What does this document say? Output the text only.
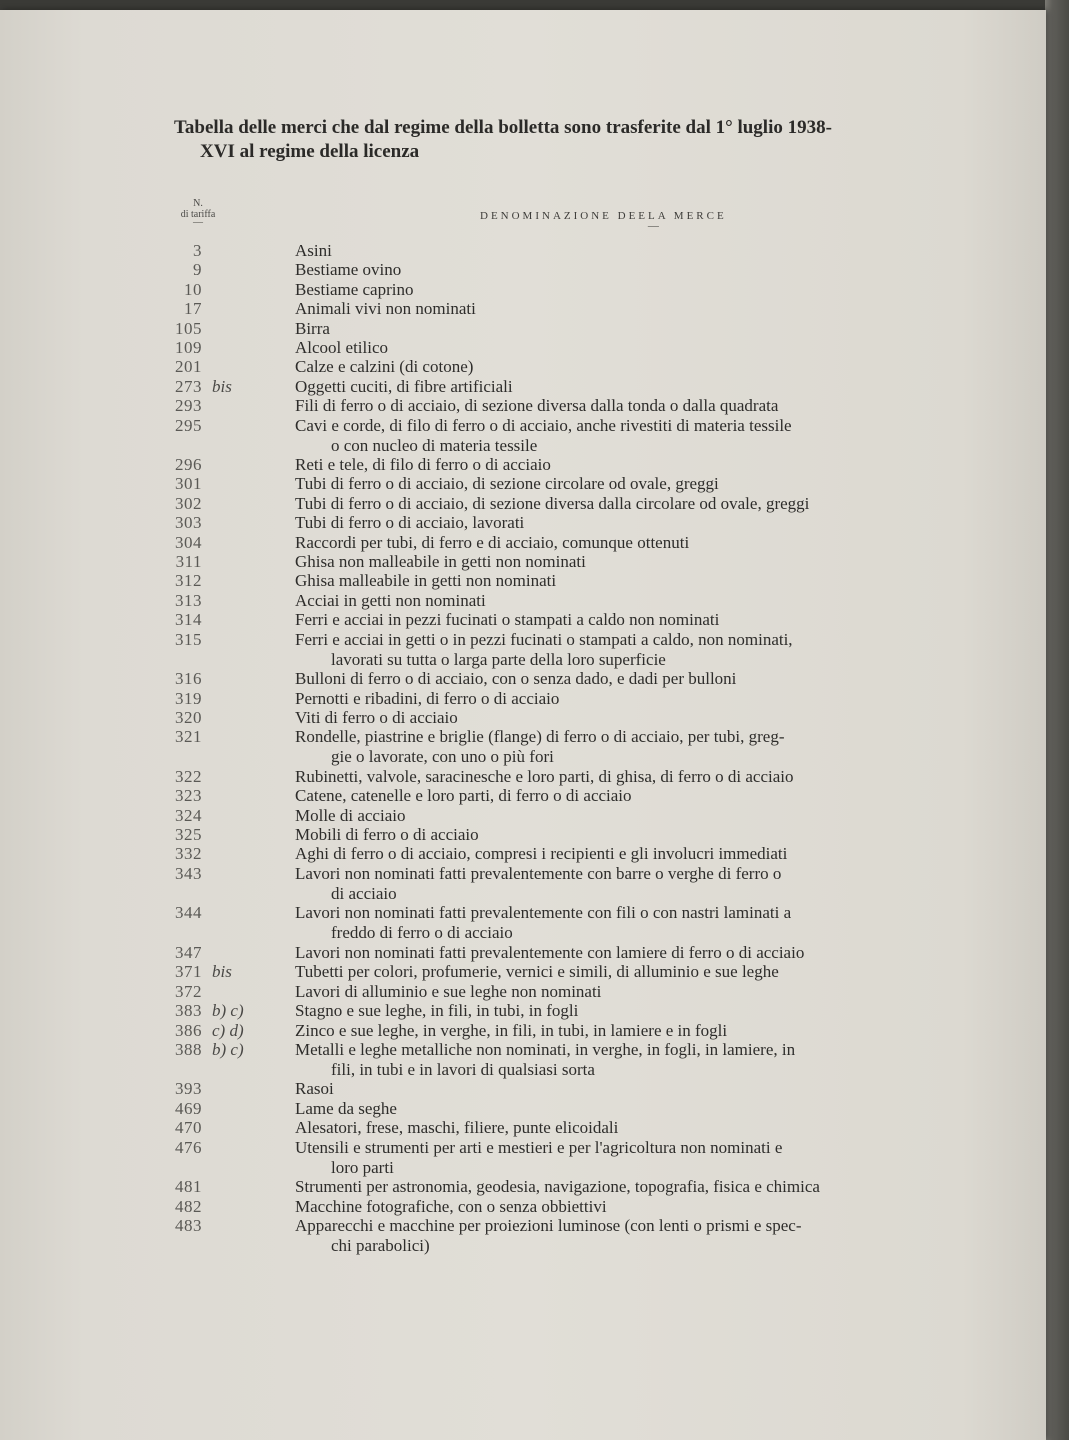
Tabella delle merci che dal regime della bolletta sono trasferite dal 1° luglio 1938-
XVI al regime della licenza
N.
di tariffa
—
DENOMINAZIONE DEELA MERCE
—
3	Asini
9	Bestiame ovino
10	Bestiame caprino
17	Animali vivi non nominati
105	Birra
109	Alcool etilico
201	Calze e calzini (di cotone)
273 bis	Oggetti cuciti, di fibre artificiali
293	Fili di ferro o di acciaio, di sezione diversa dalla tonda o dalla quadrata
295	Cavi e corde, di filo di ferro o di acciaio, anche rivestiti di materia tessile
o con nucleo di materia tessile
296	Reti e tele, di filo di ferro o di acciaio
301	Tubi di ferro o di acciaio, di sezione circolare od ovale, greggi
302	Tubi di ferro o di acciaio, di sezione diversa dalla circolare od ovale, greggi
303	Tubi di ferro o di acciaio, lavorati
304	Raccordi per tubi, di ferro e di acciaio, comunque ottenuti
311	Ghisa non malleabile in getti non nominati
312	Ghisa malleabile in getti non nominati
313	Acciai in getti non nominati
314	Ferri e acciai in pezzi fucinati o stampati a caldo non nominati
315	Ferri e acciai in getti o in pezzi fucinati o stampati a caldo, non nominati,
lavorati su tutta o larga parte della loro superficie
316	Bulloni di ferro o di acciaio, con o senza dado, e dadi per bulloni
319	Pernotti e ribadini, di ferro o di acciaio
320	Viti di ferro o di acciaio
321	Rondelle, piastrine e briglie (flange) di ferro o di acciaio, per tubi, greg-
gie o lavorate, con uno o più fori
322	Rubinetti, valvole, saracinesche e loro parti, di ghisa, di ferro o di acciaio
323	Catene, catenelle e loro parti, di ferro o di acciaio
324	Molle di acciaio
325	Mobili di ferro o di acciaio
332	Aghi di ferro o di acciaio, compresi i recipienti e gli involucri immediati
343	Lavori non nominati fatti prevalentemente con barre o verghe di ferro o
di acciaio
344	Lavori non nominati fatti prevalentemente con fili o con nastri laminati a
freddo di ferro o di acciaio
347	Lavori non nominati fatti prevalentemente con lamiere di ferro o di acciaio
371 bis	Tubetti per colori, profumerie, vernici e simili, di alluminio e sue leghe
372	Lavori di alluminio e sue leghe non nominati
383 b) c)	Stagno e sue leghe, in fili, in tubi, in fogli
386 c) d)	Zinco e sue leghe, in verghe, in fili, in tubi, in lamiere e in fogli
388 b) c)	Metalli e leghe metalliche non nominati, in verghe, in fogli, in lamiere, in
fili, in tubi e in lavori di qualsiasi sorta
393	Rasoi
469	Lame da seghe
470	Alesatori, frese, maschi, filiere, punte elicoidali
476	Utensili e strumenti per arti e mestieri e per l'agricoltura non nominati e
loro parti
481	Strumenti per astronomia, geodesia, navigazione, topografia, fisica e chimica
482	Macchine fotografiche, con o senza obbiettivi
483	Apparecchi e macchine per proiezioni luminose (con lenti o prismi e spec-
chi parabolici)
